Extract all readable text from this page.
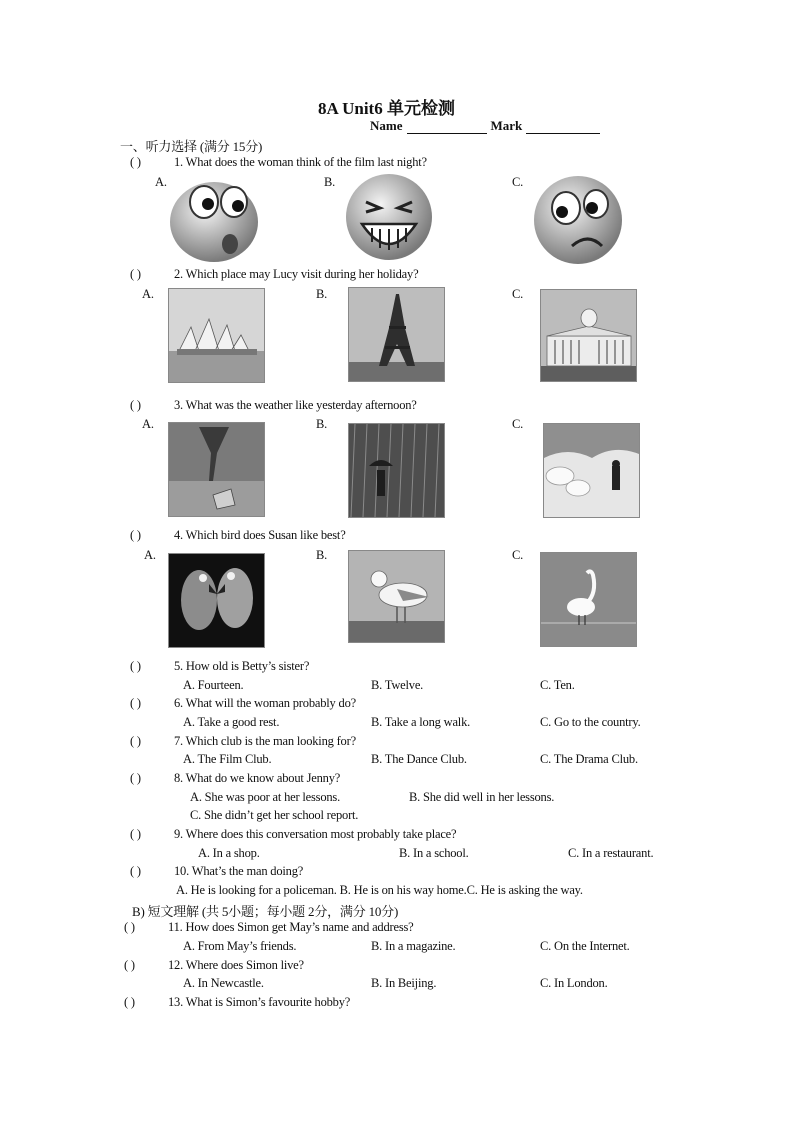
8A Unit6 单元检测
Name	Mark
一、听力选择 (满分 15分)
( )	1. What does the woman think of the film last night?
A.	B.	C.
( )	2. Which place may Lucy visit during her holiday?
A.	B.	C.
( )	3. What was the weather like yesterday afternoon?
A.	B.	C.
( )	4. Which bird does Susan like best?
A.	B.	C.
( )	5. How old is Betty’s sister?
A. Fourteen.	B. Twelve.	C. Ten.
( )	6. What will the woman probably do?
A. Take a good rest.	B. Take a long walk.	C. Go to the country.
( )	7. Which club is the man looking for?
A. The Film Club.	B. The Dance Club.	C. The Drama Club.
( )	8. What do we know about Jenny?
A. She was poor at her lessons.	B. She did well in her lessons.
C. She didn’t get her school report.
( )	9. Where does this conversation most probably take place?
A. In a shop.	B. In a school.	C. In a restaurant.
( )	10. What’s the man doing?
A. He is looking for a policeman. B. He is on his way home.C. He is asking the way.
B) 短文理解 (共 5小题；每小题 2分，满分 10分)
( )	11. How does Simon get May’s name and address?
A. From May’s friends.	B. In a magazine.	C. On the Internet.
( )	12. Where does Simon live?
A. In Newcastle.	B. In Beijing.	C. In London.
( )	13. What is Simon’s favourite hobby?
